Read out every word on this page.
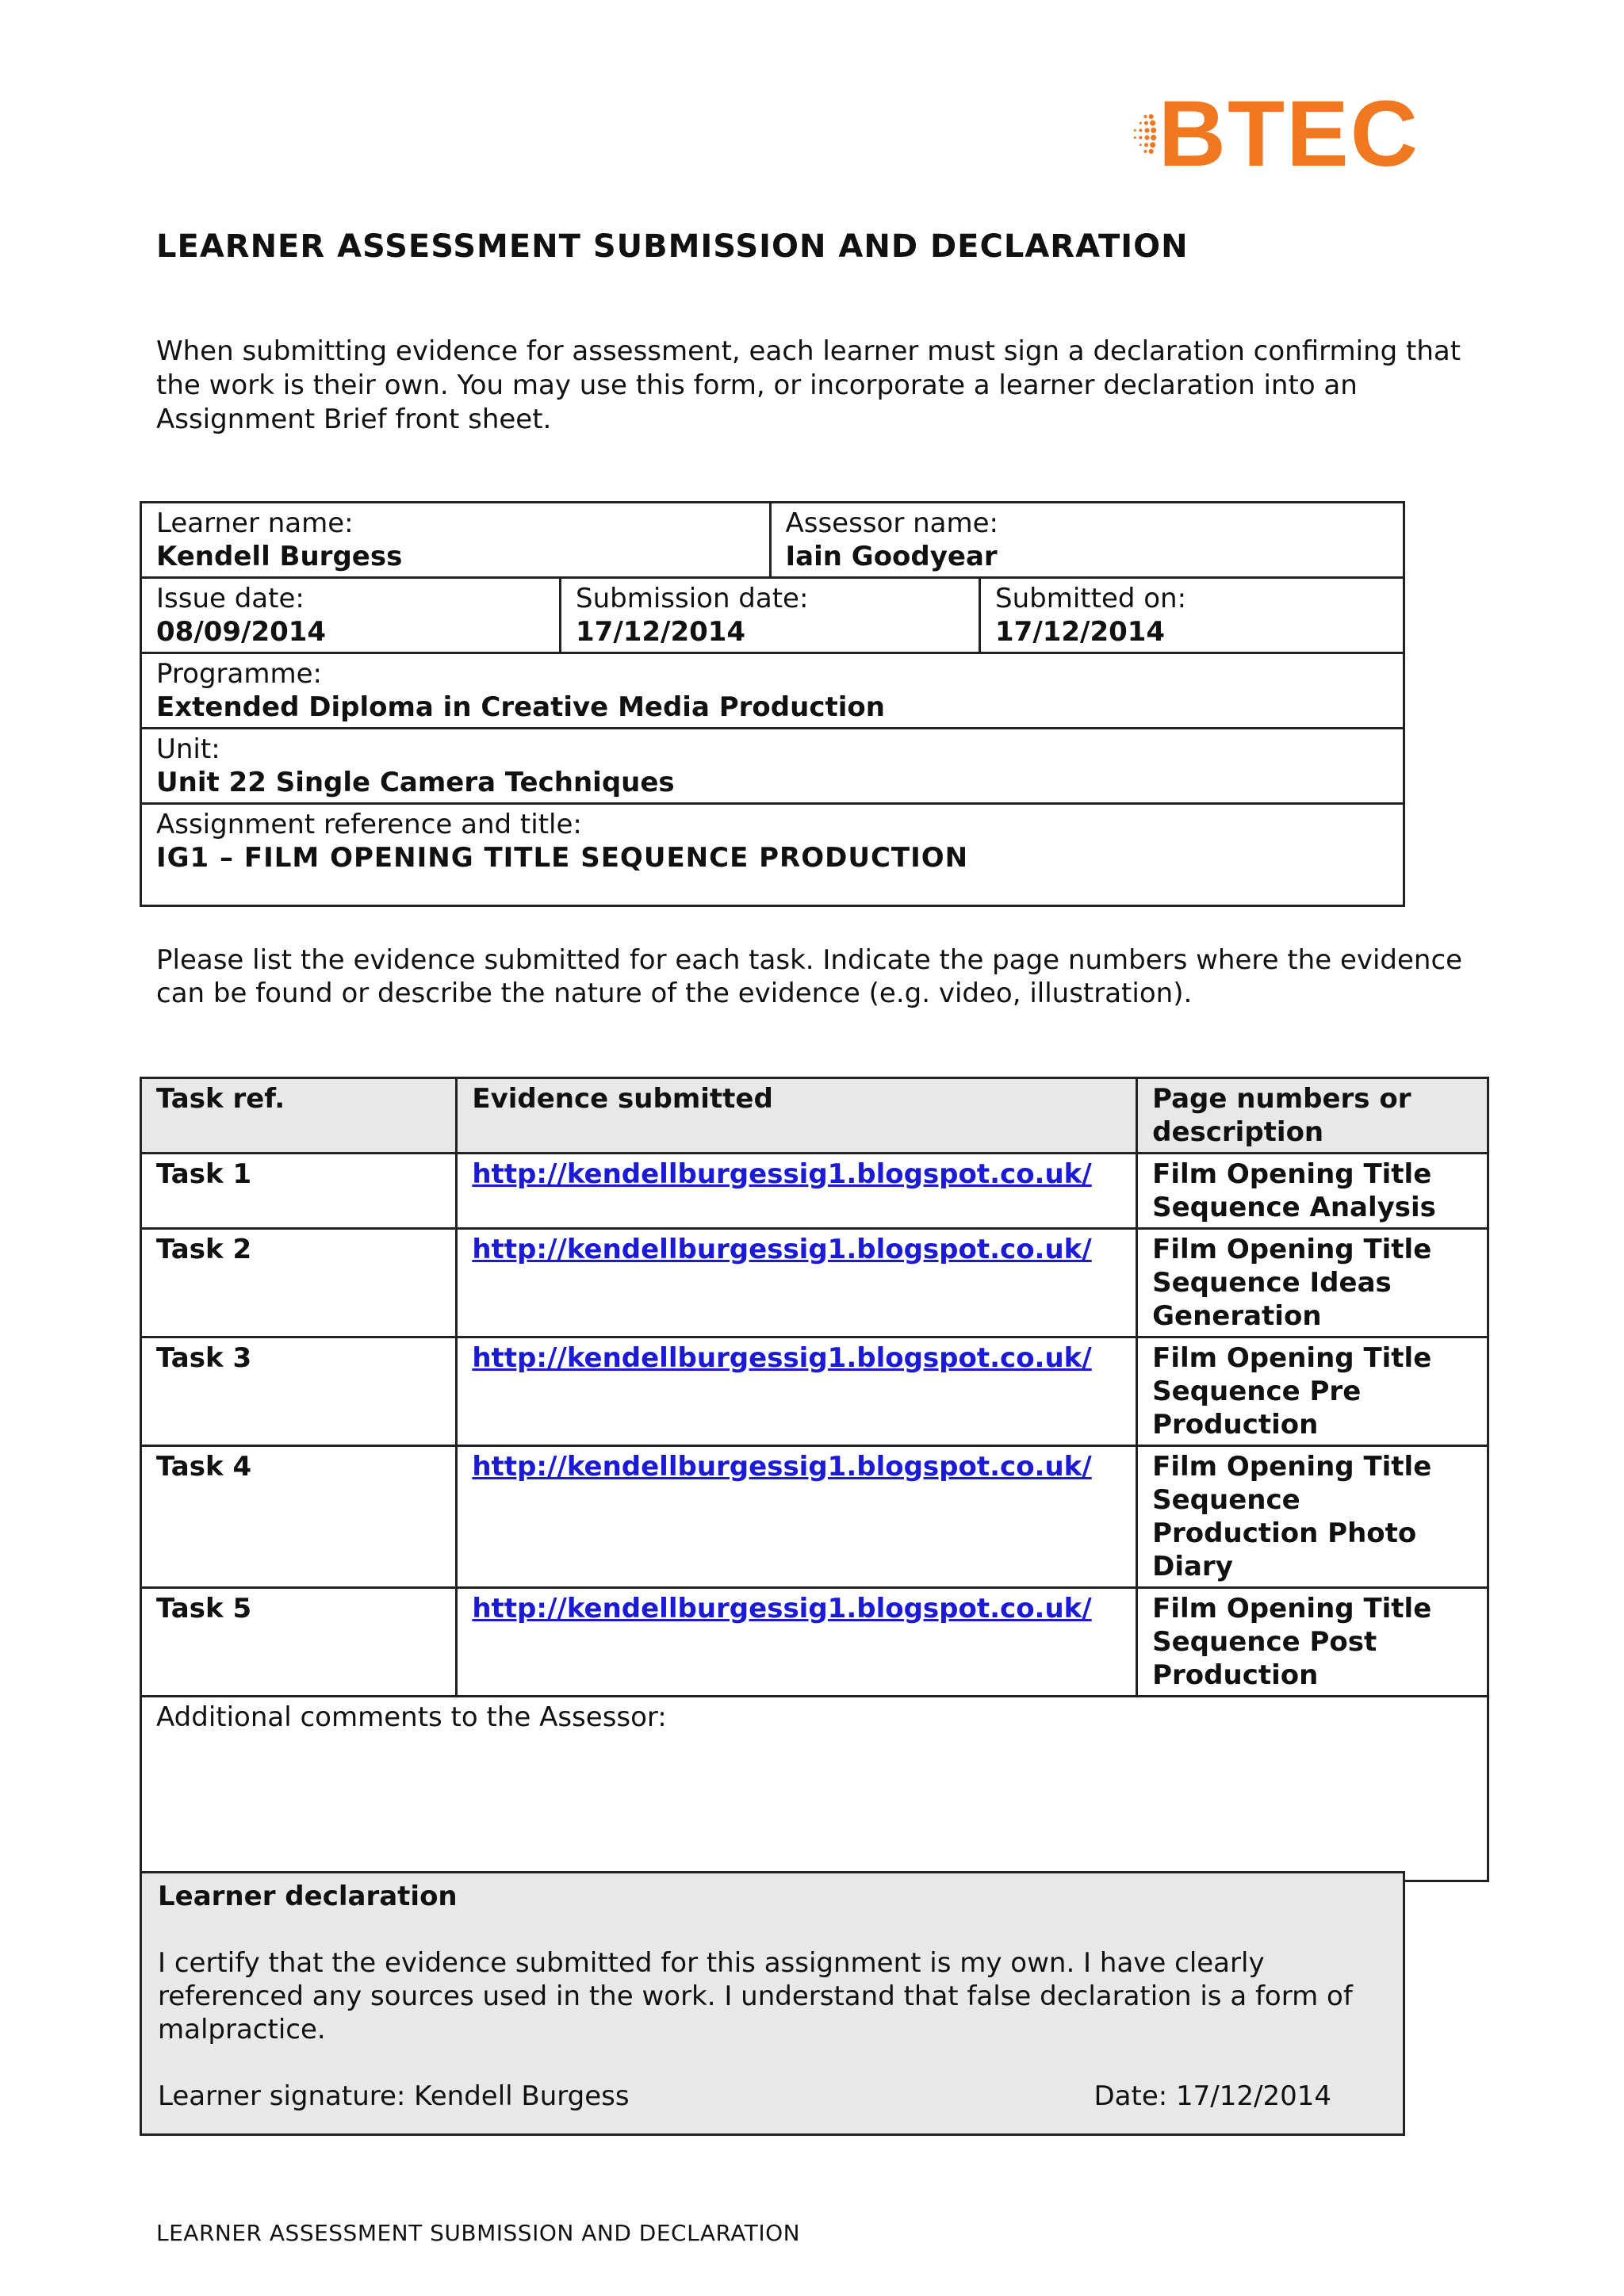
BTEC
LEARNER ASSESSMENT SUBMISSION AND DECLARATION
When submitting evidence for assessment, each learner must sign a declaration confirming that the work is their own. You may use this form, or incorporate a learner declaration into an Assignment Brief front sheet.
Learner name:
Kendell Burgess		Assessor name:
Iain Goodyear	

Issue date:
08/09/2014	Submission date:
17/12/2014		Submitted on:
17/12/2014

Programme:
Extended Diploma in Creative Media Production			

Unit:
Unit 22 Single Camera Techniques			

Assignment reference and title:
IG1 – FILM OPENING TITLE SEQUENCE PRODUCTION			
Please list the evidence submitted for each task. Indicate the page numbers where the evidence can be found or describe the nature of the evidence (e.g. video, illustration).
Task ref.	Evidence submitted	Page numbers or description
Task 1	http://kendellburgessig1.blogspot.co.uk/	Film Opening Title Sequence Analysis
Task 2	http://kendellburgessig1.blogspot.co.uk/	Film Opening Title Sequence Ideas Generation
Task 3	http://kendellburgessig1.blogspot.co.uk/	Film Opening Title Sequence Pre Production
Task 4	http://kendellburgessig1.blogspot.co.uk/	Film Opening Title Sequence Production Photo Diary
Task 5	http://kendellburgessig1.blogspot.co.uk/	Film Opening Title Sequence Post Production
Additional comments to the Assessor:		
Learner declaration
I certify that the evidence submitted for this assignment is my own. I have clearly referenced any sources used in the work. I understand that false declaration is a form of malpractice.
Learner signature: Kendell Burgess	Date: 17/12/2014
LEARNER ASSESSMENT SUBMISSION AND DECLARATION
